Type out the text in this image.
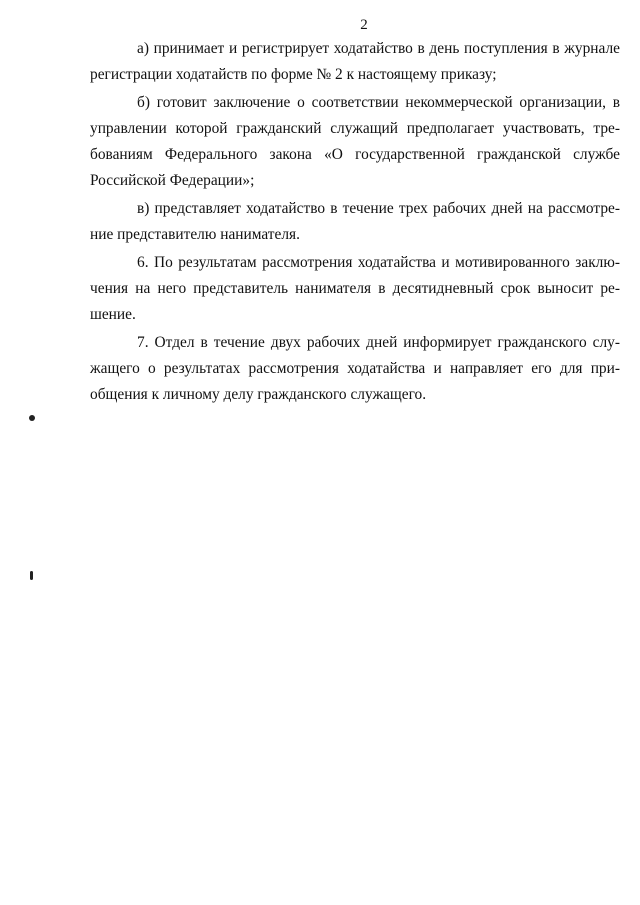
2
а) принимает и регистрирует ходатайство в день поступления в журнале
регистрации ходатайств по форме № 2 к настоящему приказу;
б) готовит заключение о соответствии некоммерческой организации, в
управлении которой гражданский служащий предполагает участвовать, тре-
бованиям Федерального закона «О государственной гражданской службе
Российской Федерации»;
в) представляет ходатайство в течение трех рабочих дней на рассмотре-
ние представителю нанимателя.
6. По результатам рассмотрения ходатайства и мотивированного заклю-
чения на него представитель нанимателя в десятидневный срок выносит ре-
шение.
7. Отдел в течение двух рабочих дней информирует гражданского слу-
жащего о результатах рассмотрения ходатайства и направляет его для при-
общения к личному делу гражданского служащего.
